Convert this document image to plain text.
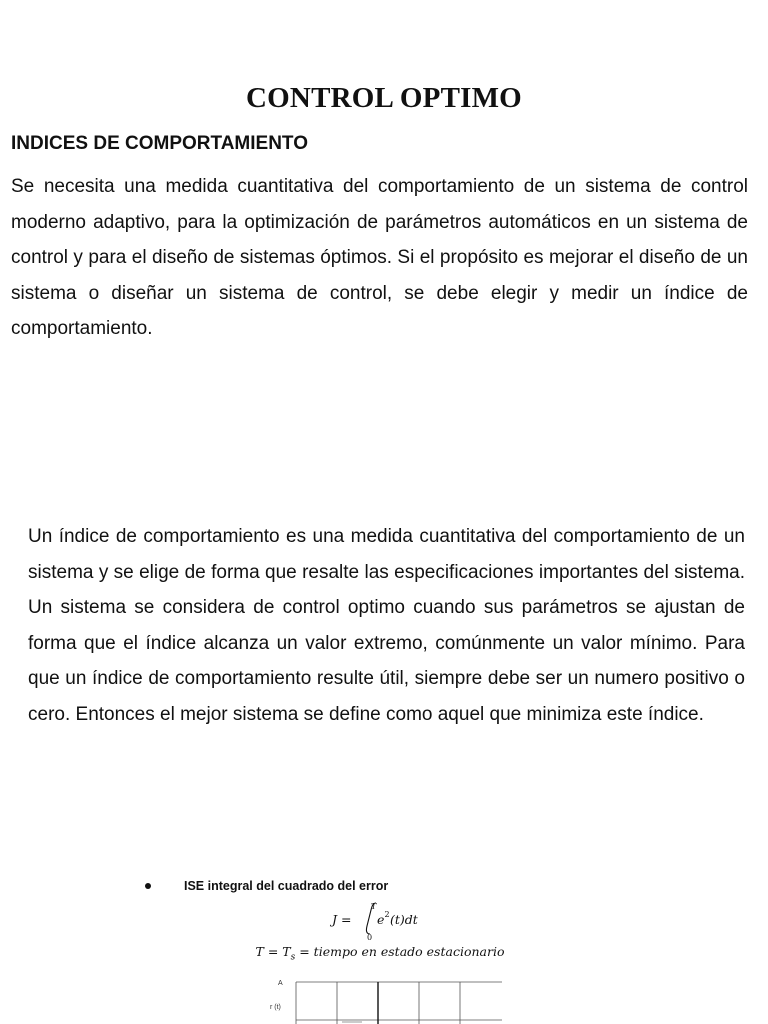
CONTROL OPTIMO
INDICES DE COMPORTAMIENTO

Se necesita una medida cuantitativa del comportamiento de un sistema de control moderno adaptivo, para la optimización de parámetros automáticos en un sistema de control y para el diseño de sistemas óptimos. Si el propósito es mejorar el diseño de un sistema o diseñar un sistema de control, se debe elegir y medir un índice de comportamiento.

Un índice de comportamiento es una medida cuantitativa del comportamiento de un sistema y se elige de forma que resalte las especificaciones importantes del sistema. Un sistema se considera de control optimo cuando sus parámetros se ajustan de forma que el índice alcanza un valor extremo, comúnmente un valor mínimo. Para que un índice de comportamiento resulte útil, siempre debe ser un numero positivo o cero. Entonces el mejor sistema se define como aquel que minimiza este índice.

ISE integral del cuadrado del error
J =
T
0
e 2 (t)dt
$T = T_s$ = tiempo en estado estacionario
A
r (t)
